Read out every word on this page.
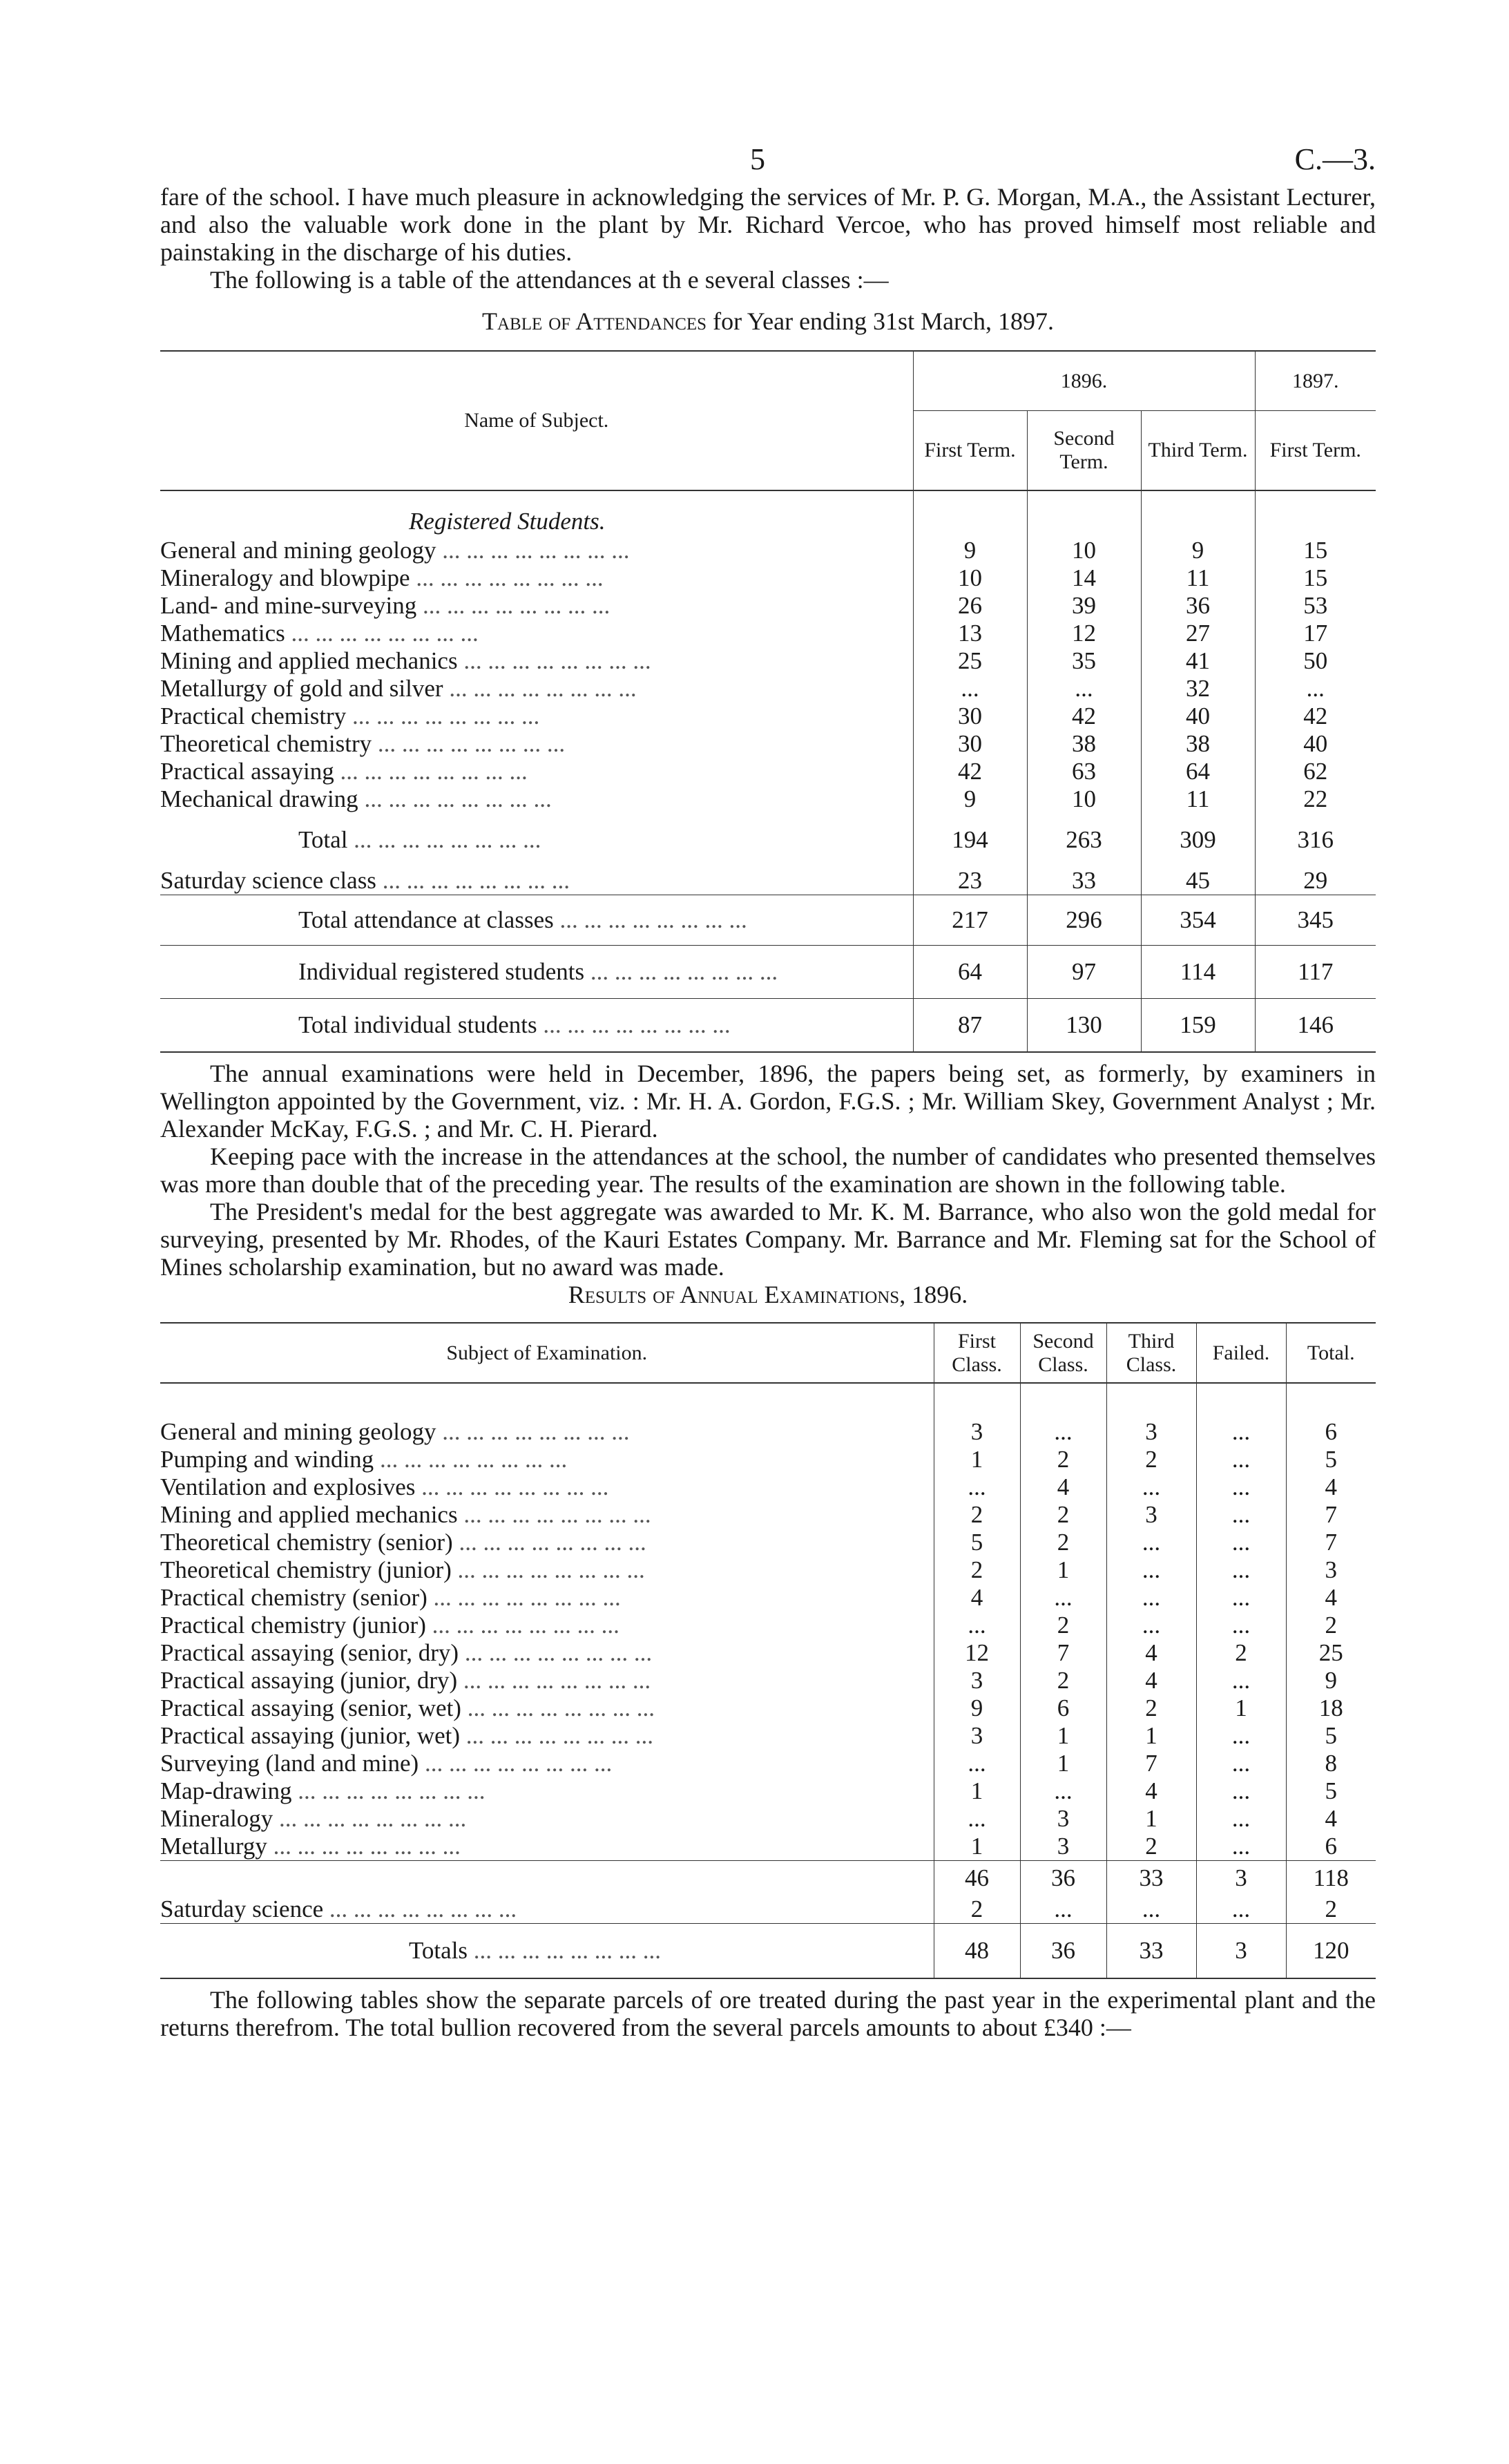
5	C.—3.

fare of the school. I have much pleasure in acknowledging the services of Mr. P. G. Morgan, M.A., the Assistant Lecturer, and also the valuable work done in the plant by Mr. Richard Vercoe, who has proved himself most reliable and painstaking in the discharge of his duties.

The following is a table of the attendances at th e several classes :—

Table of Attendances for Year ending 31st March, 1897.
Name of Subject.	1896.			1897.
	First Term.	Second Term.	Third Term.	First Term.

Registered Students.				
General and mining geology ... ... ... ... ... ... ... ...	9	10	9	15
Mineralogy and blowpipe ... ... ... ... ... ... ... ...	10	14	11	15
Land- and mine-surveying ... ... ... ... ... ... ... ...	26	39	36	53
Mathematics ... ... ... ... ... ... ... ...	13	12	27	17
Mining and applied mechanics ... ... ... ... ... ... ... ...	25	35	41	50
Metallurgy of gold and silver ... ... ... ... ... ... ... ...	...	...	32	...
Practical chemistry ... ... ... ... ... ... ... ...	30	42	40	42
Theoretical chemistry ... ... ... ... ... ... ... ...	30	38	38	40
Practical assaying ... ... ... ... ... ... ... ...	42	63	64	62
Mechanical drawing ... ... ... ... ... ... ... ...	9	10	11	22
Total ... ... ... ... ... ... ... ...	194	263	309	316
Saturday science class ... ... ... ... ... ... ... ...	23	33	45	29
Total attendance at classes ... ... ... ... ... ... ... ...	217	296	354	345
Individual registered students ... ... ... ... ... ... ... ...	64	97	114	117
Total individual students ... ... ... ... ... ... ... ...	87	130	159	146

The annual examinations were held in December, 1896, the papers being set, as formerly, by examiners in Wellington appointed by the Government, viz. : Mr. H. A. Gordon, F.G.S. ; Mr. William Skey, Government Analyst ; Mr. Alexander McKay, F.G.S. ; and Mr. C. H. Pierard.

Keeping pace with the increase in the attendances at the school, the number of candidates who presented themselves was more than double that of the preceding year. The results of the examination are shown in the following table.

The President's medal for the best aggregate was awarded to Mr. K. M. Barrance, who also won the gold medal for surveying, presented by Mr. Rhodes, of the Kauri Estates Company. Mr. Barrance and Mr. Fleming sat for the School of Mines scholarship examination, but no award was made.

Results of Annual Examinations, 1896.
Subject of Examination.	First Class.	Second Class.	Third Class.	Failed.	Total.

General and mining geology ... ... ... ... ... ... ... ...	3	...	3	...	6
Pumping and winding ... ... ... ... ... ... ... ...	1	2	2	...	5
Ventilation and explosives ... ... ... ... ... ... ... ...	...	4	...	...	4
Mining and applied mechanics ... ... ... ... ... ... ... ...	2	2	3	...	7
Theoretical chemistry (senior) ... ... ... ... ... ... ... ...	5	2	...	...	7
Theoretical chemistry (junior) ... ... ... ... ... ... ... ...	2	1	...	...	3
Practical chemistry (senior) ... ... ... ... ... ... ... ...	4	...	...	...	4
Practical chemistry (junior) ... ... ... ... ... ... ... ...	...	2	...	...	2
Practical assaying (senior, dry) ... ... ... ... ... ... ... ...	12	7	4	2	25
Practical assaying (junior, dry) ... ... ... ... ... ... ... ...	3	2	4	...	9
Practical assaying (senior, wet) ... ... ... ... ... ... ... ...	9	6	2	1	18
Practical assaying (junior, wet) ... ... ... ... ... ... ... ...	3	1	1	...	5
Surveying (land and mine) ... ... ... ... ... ... ... ...	...	1	7	...	8
Map-drawing ... ... ... ... ... ... ... ...	1	...	4	...	5
Mineralogy ... ... ... ... ... ... ... ...	...	3	1	...	4
Metallurgy ... ... ... ... ... ... ... ...	1	3	2	...	6
	46	36	33	3	118
Saturday science ... ... ... ... ... ... ... ...	2	...	...	...	2
Totals ... ... ... ... ... ... ... ...	48	36	33	3	120

The following tables show the separate parcels of ore treated during the past year in the experimental plant and the returns therefrom. The total bullion recovered from the several parcels amounts to about £340 :—
